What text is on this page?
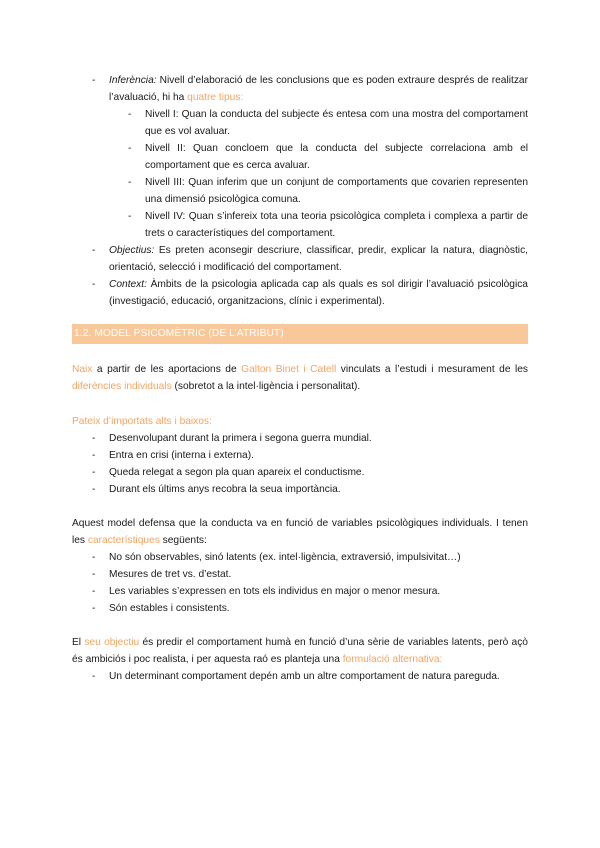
- Inferència: Nivell d’elaboració de les conclusions que es poden extraure després de realitzar l’avaluació, hi ha quatre tipus:
- Nivell I: Quan la conducta del subjecte és entesa com una mostra del comportament que es vol avaluar.
- Nivell II: Quan concloem que la conducta del subjecte correlaciona amb el comportament que es cerca avaluar.
- Nivell III: Quan inferim que un conjunt de comportaments que covarien representen una dimensió psicològica comuna.
- Nivell IV: Quan s’infereix tota una teoria psicològica completa i complexa a partir de trets o característiques del comportament.
- Objectius: Es preten aconsegir descriure, classificar, predir, explicar la natura, diagnòstic, orientació, selecció i modificació del comportament.
- Context: Àmbits de la psicologia aplicada cap als quals es sol dirigir l’avaluació psicològica (investigació, educació, organitzacions, clínic i experimental).
1.2. MODEL PSICOMÈTRIC (DE L’ATRIBUT)
Naix a partir de les aportacions de Galton Binet i Catell vinculats a l’estudi i mesurament de les diferències individuals (sobretot a la intel·ligència i personalitat).
Pateix d’importats alts i baixos:
- Desenvolupant durant la primera i segona guerra mundial.
- Entra en crisi (interna i externa).
- Queda relegat a segon pla quan apareix el conductisme.
- Durant els últims anys recobra la seua importància.
Aquest model defensa que la conducta va en funció de variables psicològiques individuals. I tenen les característiques següents:
- No són observables, sinó latents (ex. intel·ligència, extraversió, impulsivitat…)
- Mesures de tret vs. d’estat.
- Les variables s’expressen en tots els individus en major o menor mesura.
- Són estables i consistents.
El seu objectiu és predir el comportament humà en funció d’una sèrie de variables latents, però açò és ambiciós i poc realista, i per aquesta raó es planteja una formulació alternativa:
- Un determinant comportament depén amb un altre comportament de natura pareguda.
